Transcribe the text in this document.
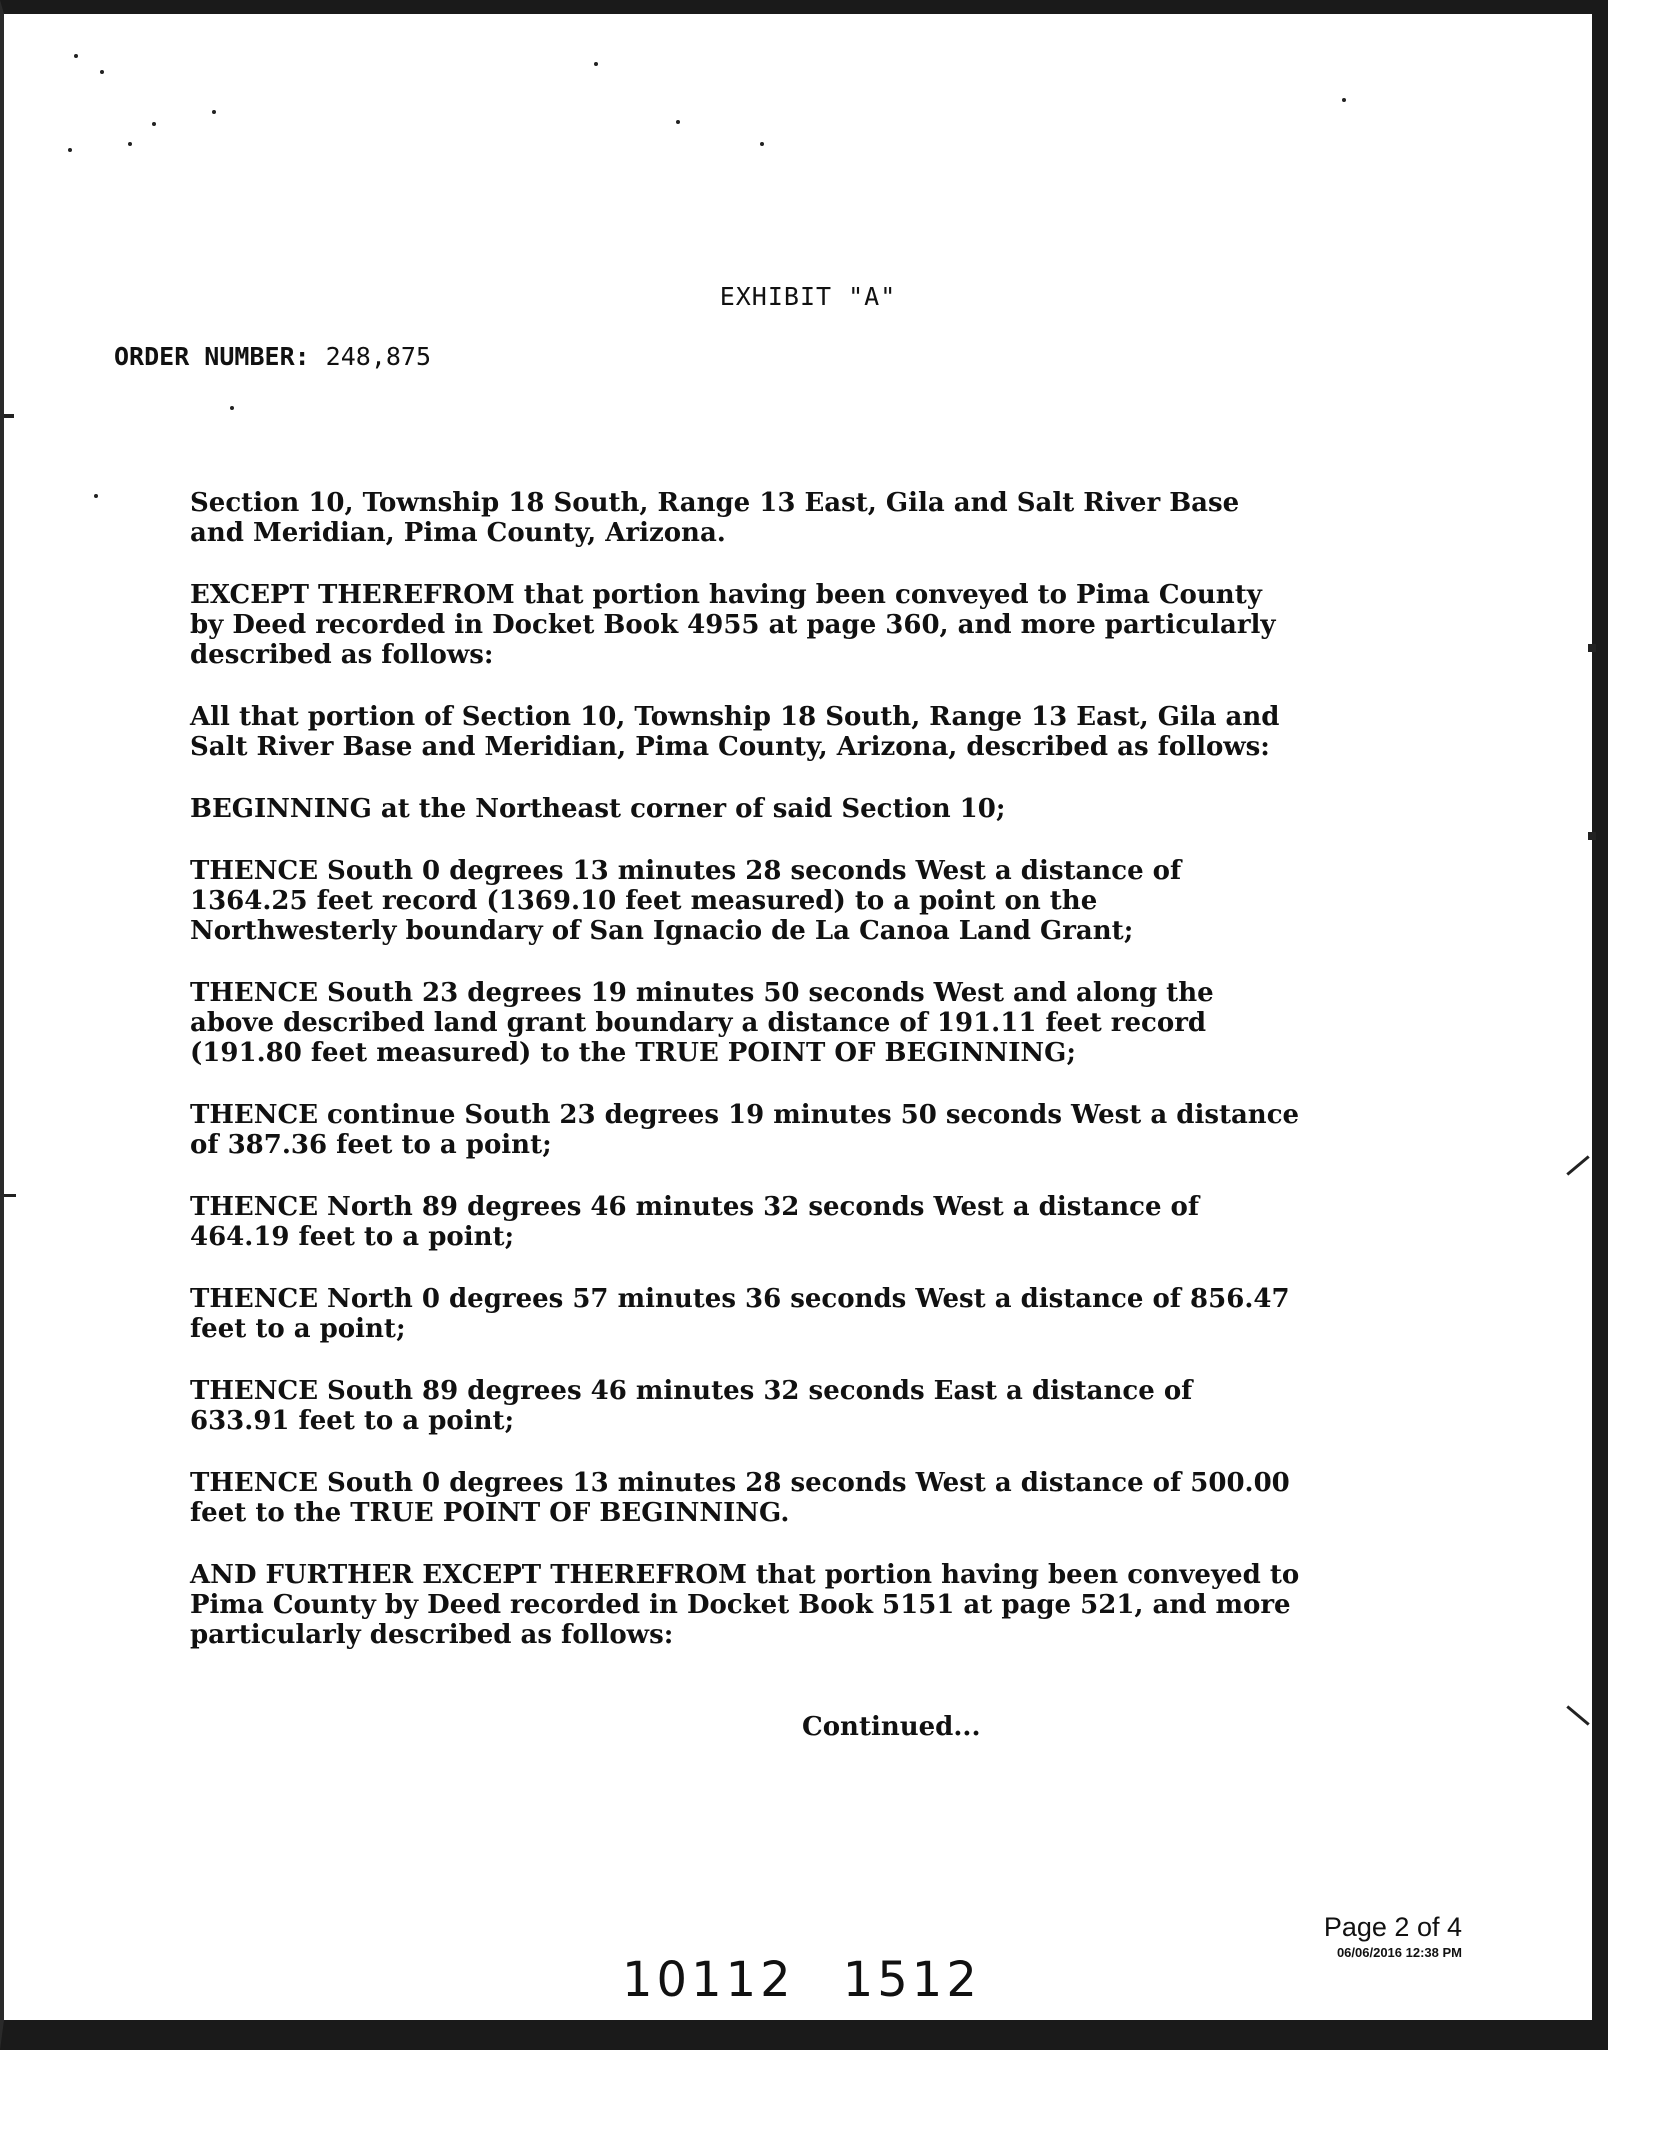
EXHIBIT "A"
ORDER NUMBER: 248,875

Section 10, Township 18 South, Range 13 East, Gila and Salt River Base and Meridian, Pima County, Arizona.

EXCEPT THEREFROM that portion having been conveyed to Pima County by Deed recorded in Docket Book 4955 at page 360, and more particularly described as follows:

All that portion of Section 10, Township 18 South, Range 13 East, Gila and Salt River Base and Meridian, Pima County, Arizona, described as follows:

BEGINNING at the Northeast corner of said Section 10;

THENCE South 0 degrees 13 minutes 28 seconds West a distance of 1364.25 feet record (1369.10 feet measured) to a point on the Northwesterly boundary of San Ignacio de La Canoa Land Grant;

THENCE South 23 degrees 19 minutes 50 seconds West and along the above described land grant boundary a distance of 191.11 feet record (191.80 feet measured) to the TRUE POINT OF BEGINNING;

THENCE continue South 23 degrees 19 minutes 50 seconds West a distance of 387.36 feet to a point;

THENCE North 89 degrees 46 minutes 32 seconds West a distance of 464.19 feet to a point;

THENCE North 0 degrees 57 minutes 36 seconds West a distance of 856.47 feet to a point;

THENCE South 89 degrees 46 minutes 32 seconds East a distance of 633.91 feet to a point;

THENCE South 0 degrees 13 minutes 28 seconds West a distance of 500.00 feet to the TRUE POINT OF BEGINNING.

AND FURTHER EXCEPT THEREFROM that portion having been conveyed to Pima County by Deed recorded in Docket Book 5151 at page 521, and more particularly described as follows:

Continued...
Page 2 of 4
06/06/2016 12:38 PM
10112 1512
